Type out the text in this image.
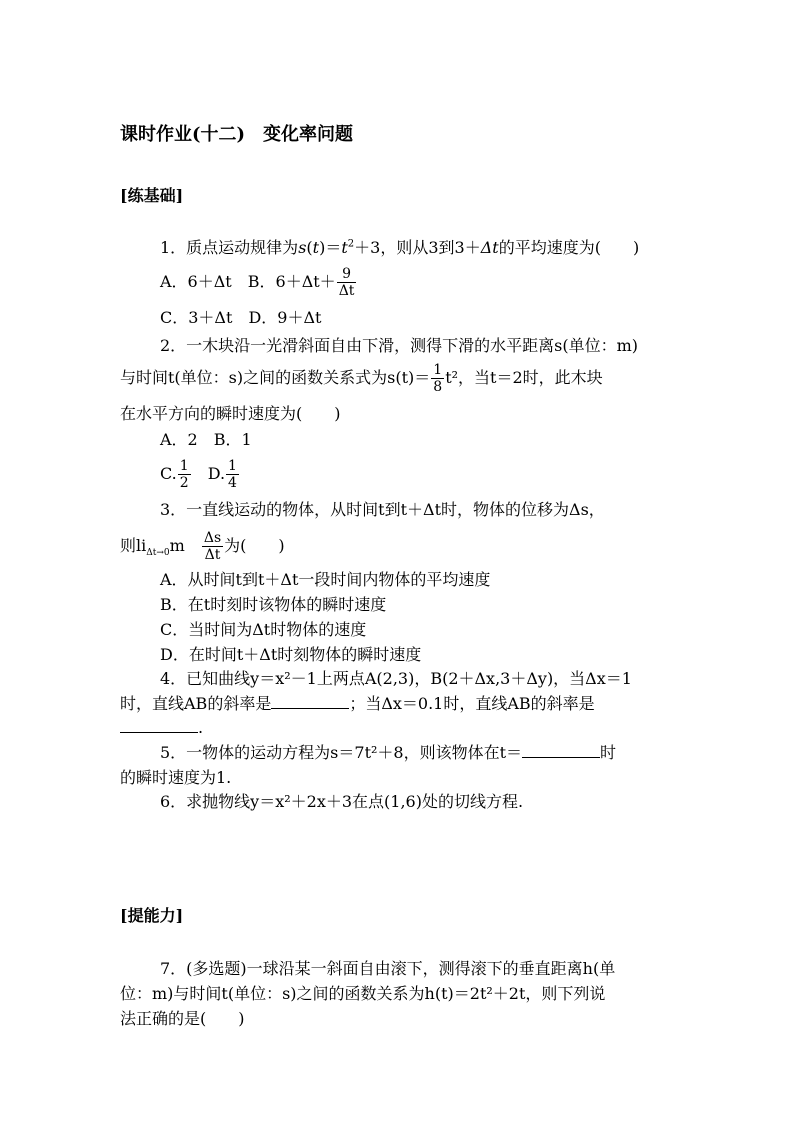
课时作业(十二)　变化率问题
[练基础]
1．质点运动规律为$s(t)=t^2+3$，则从3到3＋Δt的平均速度为(　　)
A．6＋Δt　 B．$6+\Delta t+ \frac{9}{\Delta t}$
C．3＋Δt　 D．9＋Δt
2．一木块沿一光滑斜面自由下滑，测得下滑的水平距离s(单位：m)
与时间t(单位：s)之间的函数关系式为$s(t)= \frac{1}{8} t^2$，当t＝2时，此木块
在水平方向的瞬时速度为(　　)
A．2　B．1
C. $\frac{1}{2}$
　 D. $\frac{1}{4}$
3．一直线运动的物体，从时间t到t＋Δt时，物体的位移为Δs，
则$li_{\Delta t\to 0}m$　 $\frac{\Delta s}{\Delta t}$ 为(　　)
A．从时间t到t＋Δt一段时间内物体的平均速度
B．在t时刻时该物体的瞬时速度
C．当时间为Δt时物体的速度
D．在时间t＋Δt时刻物体的瞬时速度
4．已知曲线y＝x²－1上两点A(2,3)，B(2＋Δx,3＋Δy)，当Δx＝1
时，直线AB的斜率是	；当Δx＝0.1时，直线AB的斜率是
.
5．一物体的运动方程为s＝7t²＋8，则该物体在t＝	时
的瞬时速度为1.
6．求抛物线y＝x²＋2x＋3在点(1,6)处的切线方程.
[提能力]
7．(多选题)一球沿某一斜面自由滚下，测得滚下的垂直距离h(单
位：m)与时间t(单位：s)之间的函数关系为h(t)＝2t²＋2t，则下列说
法正确的是(　　)
